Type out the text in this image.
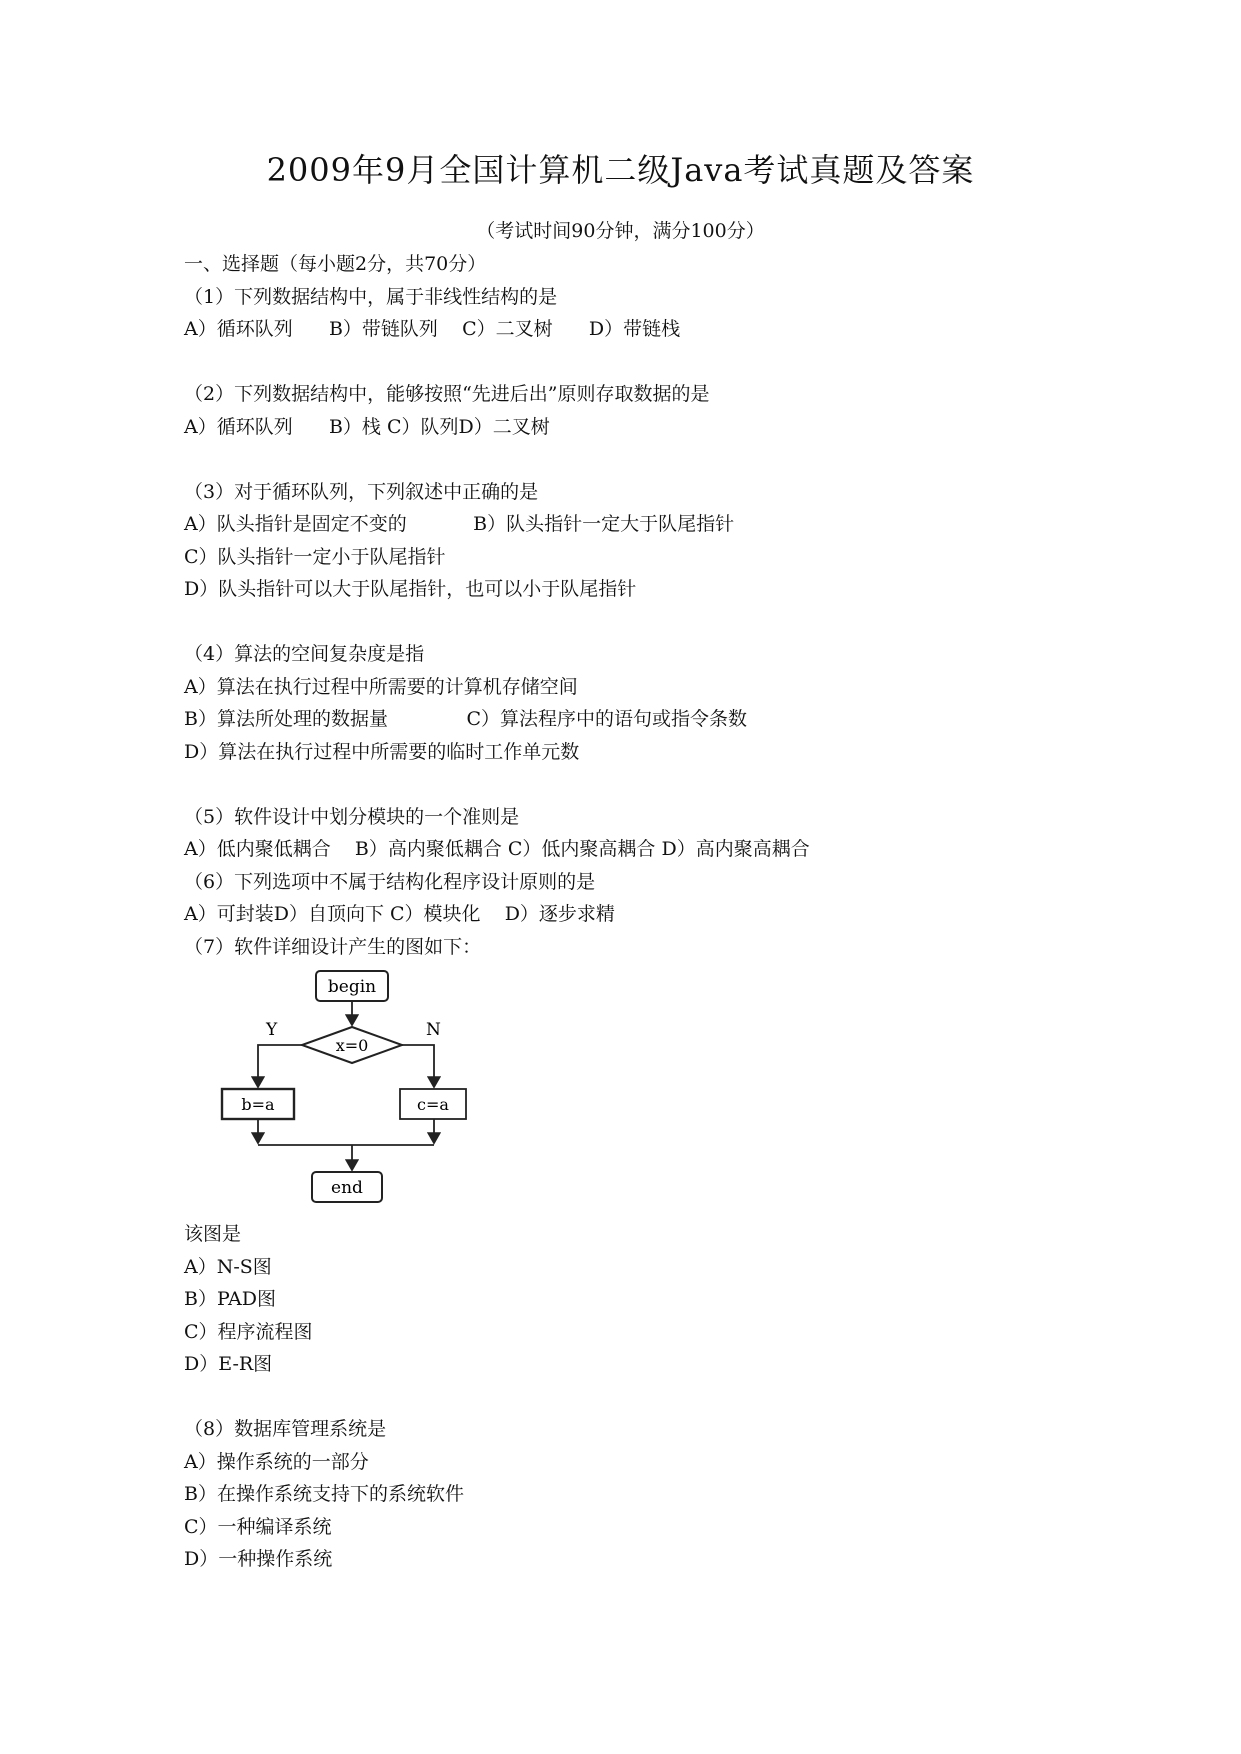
2009年9月全国计算机二级Java考试真题及答案
（考试时间90分钟，满分100分）
一、选择题（每小题2分，共70分）
（1）下列数据结构中，属于非线性结构的是
A）循环队列      B）带链队列    C）二叉树      D）带链栈
（2）下列数据结构中，能够按照“先进后出”原则存取数据的是
A）循环队列      B）栈 C）队列D）二叉树
（3）对于循环队列，下列叙述中正确的是
A）队头指针是固定不变的           B）队头指针一定大于队尾指针
C）队头指针一定小于队尾指针
D）队头指针可以大于队尾指针，也可以小于队尾指针
（4）算法的空间复杂度是指
A）算法在执行过程中所需要的计算机存储空间
B）算法所处理的数据量             C）算法程序中的语句或指令条数
D）算法在执行过程中所需要的临时工作单元数
（5）软件设计中划分模块的一个准则是
A）低内聚低耦合    B）高内聚低耦合 C）低内聚高耦合 D）高内聚高耦合
（6）下列选项中不属于结构化程序设计原则的是
A）可封装D）自顶向下 C）模块化    D）逐步求精
（7）软件详细设计产生的图如下：
begin
x=0
Y	N
b=a	c=a
end
该图是
A）N-S图
B）PAD图
C）程序流程图
D）E-R图
（8）数据库管理系统是
A）操作系统的一部分
B）在操作系统支持下的系统软件
C）一种编译系统
D）一种操作系统
